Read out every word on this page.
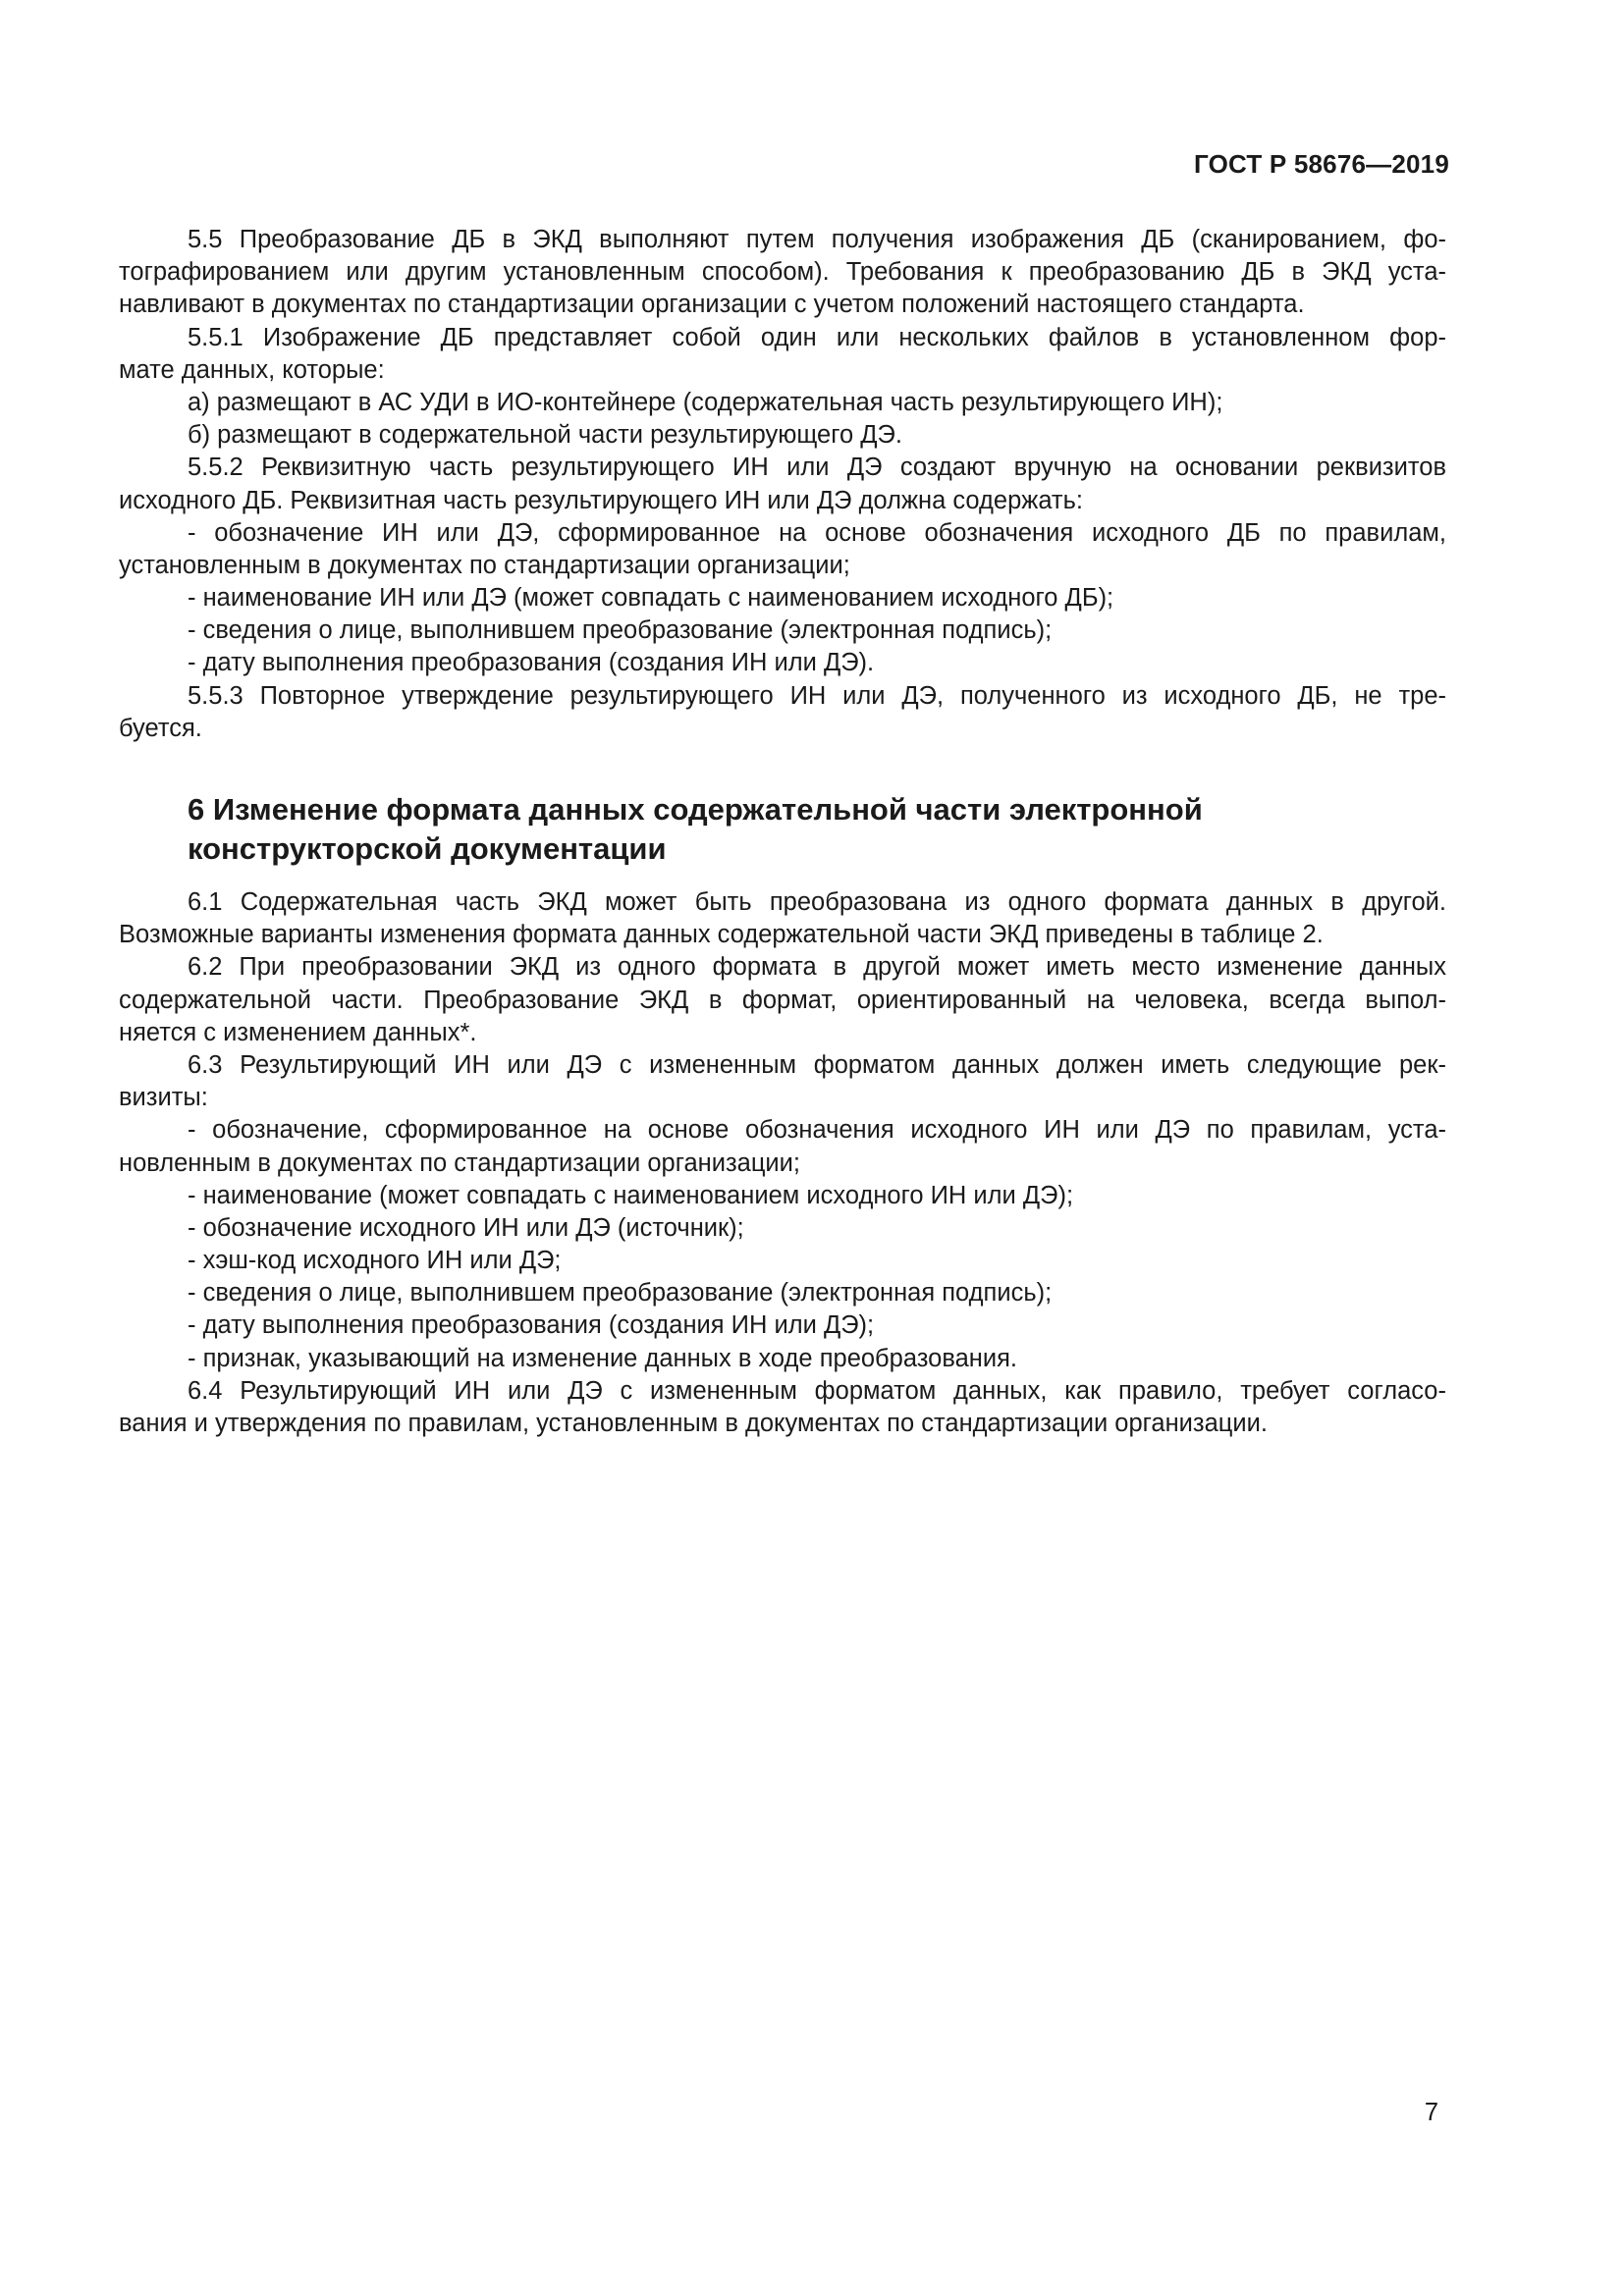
ГОСТ Р 58676—2019
5.5 Преобразование ДБ в ЭКД выполняют путем получения изображения ДБ (сканированием, фо-
тографированием или другим установленным способом). Требования к преобразованию ДБ в ЭКД уста-
навливают в документах по стандартизации организации с учетом положений настоящего стандарта.
5.5.1 Изображение ДБ представляет собой один или нескольких файлов в установленном фор-
мате данных, которые:
а) размещают в АС УДИ в ИО-контейнере (содержательная часть результирующего ИН);
б) размещают в содержательной части результирующего ДЭ.
5.5.2 Реквизитную часть результирующего ИН или ДЭ создают вручную на основании реквизитов
исходного ДБ. Реквизитная часть результирующего ИН или ДЭ должна содержать:
- обозначение ИН или ДЭ, сформированное на основе обозначения исходного ДБ по правилам,
установленным в документах по стандартизации организации;
- наименование ИН или ДЭ (может совпадать с наименованием исходного ДБ);
- сведения о лице, выполнившем преобразование (электронная подпись);
- дату выполнения преобразования (создания ИН или ДЭ).
5.5.3 Повторное утверждение результирующего ИН или ДЭ, полученного из исходного ДБ, не тре-
буется.
6 Изменение формата данных содержательной части электронной
конструкторской документации
6.1 Содержательная часть ЭКД может быть преобразована из одного формата данных в другой.
Возможные варианты изменения формата данных содержательной части ЭКД приведены в таблице 2.
6.2 При преобразовании ЭКД из одного формата в другой может иметь место изменение данных
содержательной части. Преобразование ЭКД в формат, ориентированный на человека, всегда выпол-
няется с изменением данных*.
6.3 Результирующий ИН или ДЭ с измененным форматом данных должен иметь следующие рек-
визиты:
- обозначение, сформированное на основе обозначения исходного ИН или ДЭ по правилам, уста-
новленным в документах по стандартизации организации;
- наименование (может совпадать с наименованием исходного ИН или ДЭ);
- обозначение исходного ИН или ДЭ (источник);
- хэш-код исходного ИН или ДЭ;
- сведения о лице, выполнившем преобразование (электронная подпись);
- дату выполнения преобразования (создания ИН или ДЭ);
- признак, указывающий на изменение данных в ходе преобразования.
6.4 Результирующий ИН или ДЭ с измененным форматом данных, как правило, требует согласо-
вания и утверждения по правилам, установленным в документах по стандартизации организации.
7
